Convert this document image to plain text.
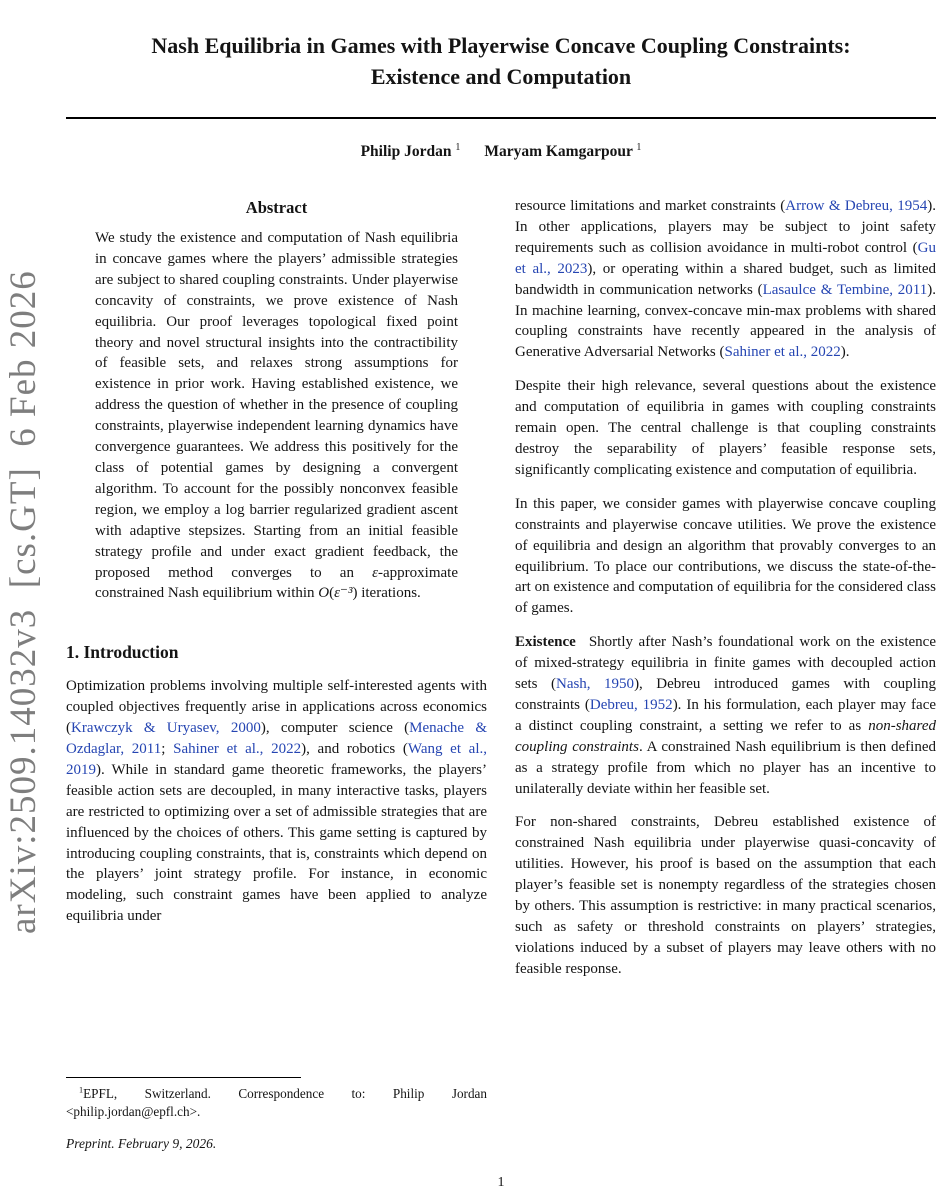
arXiv:2509.14032v3  [cs.GT]  6 Feb 2026
Nash Equilibria in Games with Playerwise Concave Coupling Constraints:
Existence and Computation
Philip Jordan $^1$ Maryam Kamgarpour $^1$
Abstract

We study the existence and computation of Nash equilibria in concave games where the players’ admissible strategies are subject to shared coupling constraints. Under playerwise concavity of constraints, we prove existence of Nash equilibria. Our proof leverages topological fixed point theory and novel structural insights into the contractibility of feasible sets, and relaxes strong assumptions for existence in prior work. Having established existence, we address the question of whether in the presence of coupling constraints, playerwise independent learning dynamics have convergence guarantees. We address this positively for the class of potential games by designing a convergent algorithm. To account for the possibly nonconvex feasible region, we employ a log barrier regularized gradient ascent with adaptive stepsizes. Starting from an initial feasible strategy profile and under exact gradient feedback, the proposed method converges to an ε-approximate constrained Nash equilibrium within O(ε⁻³) iterations.

1. Introduction

Optimization problems involving multiple self-interested agents with coupled objectives frequently arise in applications across economics (Krawczyk & Uryasev, 2000), computer science (Menache & Ozdaglar, 2011; Sahiner et al., 2022), and robotics (Wang et al., 2019). While in standard game theoretic frameworks, the players’ feasible action sets are decoupled, in many interactive tasks, players are restricted to optimizing over a set of admissible strategies that are influenced by the choices of others. This game setting is captured by introducing coupling constraints, that is, constraints which depend on the players’ joint strategy profile. For instance, in economic modeling, such constraint games have been applied to analyze equilibria under

$^1$EPFL, Switzerland. Correspondence to: Philip Jordan <philip.jordan@epfl.ch>.

Preprint. February 9, 2026.

resource limitations and market constraints (Arrow & Debreu, 1954). In other applications, players may be subject to joint safety requirements such as collision avoidance in multi-robot control (Gu et al., 2023), or operating within a shared budget, such as limited bandwidth in communication networks (Lasaulce & Tembine, 2011). In machine learning, convex-concave min-max problems with shared coupling constraints have recently appeared in the analysis of Generative Adversarial Networks (Sahiner et al., 2022).

Despite their high relevance, several questions about the existence and computation of equilibria in games with coupling constraints remain open. The central challenge is that coupling constraints destroy the separability of players’ feasible response sets, significantly complicating existence and computation of equilibria.

In this paper, we consider games with playerwise concave coupling constraints and playerwise concave utilities. We prove the existence of equilibria and design an algorithm that provably converges to an equilibrium. To place our contributions, we discuss the state-of-the-art on existence and computation of equilibria for the considered class of games.

Existence Shortly after Nash’s foundational work on the existence of mixed-strategy equilibria in finite games with decoupled action sets (Nash, 1950), Debreu introduced games with coupling constraints (Debreu, 1952). In his formulation, each player may face a distinct coupling constraint, a setting we refer to as non-shared coupling constraints. A constrained Nash equilibrium is then defined as a strategy profile from which no player has an incentive to unilaterally deviate within her feasible set.

For non-shared constraints, Debreu established existence of constrained Nash equilibria under playerwise quasi-concavity of utilities. However, his proof is based on the assumption that each player’s feasible set is nonempty regardless of the strategies chosen by others. This assumption is restrictive: in many practical scenarios, such as safety or threshold constraints on players’ strategies, violations induced by a subset of players may leave others with no feasible response.

1
